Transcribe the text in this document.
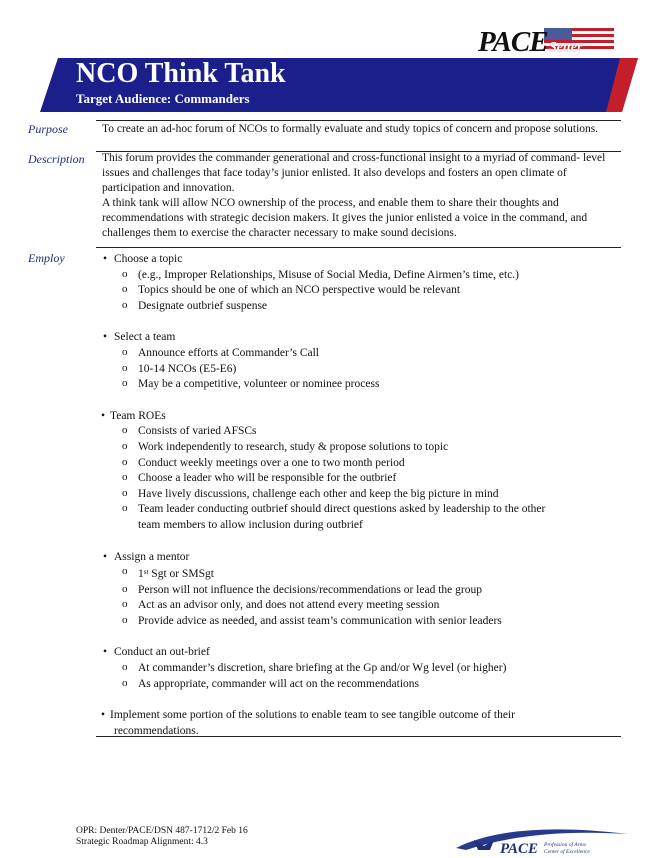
PACE Setter
NCO Think Tank
Target Audience: Commanders
Purpose	To create an ad-hoc forum of NCOs to formally evaluate and study topics of concern and propose solutions.

Description This forum provides the commander generational and cross-functional insight to a myriad of command- level issues and challenges that face today’s junior enlisted. It also develops and fosters an open climate of participation and innovation.

A think tank will allow NCO ownership of the process, and enable them to share their thoughts and recommendations with strategic decision makers. It gives the junior enlisted a voice in the command, and challenges them to exercise the character necessary to make sound decisions.

Employ
•	Choose a topic
o (e.g., Improper Relationships, Misuse of Social Media, Define Airmen’s time, etc.)
o Topics should be one of which an NCO perspective would be relevant
o Designate outbrief suspense
• Select a team
o Announce efforts at Commander’s Call
o 10-14 NCOs (E5-E6)
o May be a competitive, volunteer or nominee process
• Team ROEs
o Consists of varied AFSCs
o Work independently to research, study & propose solutions to topic
o Conduct weekly meetings over a one to two month period
o Choose a leader who will be responsible for the outbrief
o Have lively discussions, challenge each other and keep the big picture in mind
o Team leader conducting outbrief should direct questions asked by leadership to the other
team members to allow inclusion during outbrief
• Assign a mentor
o 1st Sgt or SMSgt
o Person will not influence the decisions/recommendations or lead the group
o Act as an advisor only, and does not attend every meeting session
o Provide advice as needed, and assist team’s communication with senior leaders
• Conduct an out-brief
o At commander’s discretion, share briefing at the Gp and/or Wg level (or higher)
o As appropriate, commander will act on the recommendations
• Implement some portion of the solutions to enable team to see tangible outcome of their
recommendations.
OPR: Denter/PACE/DSN 487-1712/2 Feb 16
Strategic Roadmap Alignment: 4.3	PACE Profession of Arms
Center of Excellence
